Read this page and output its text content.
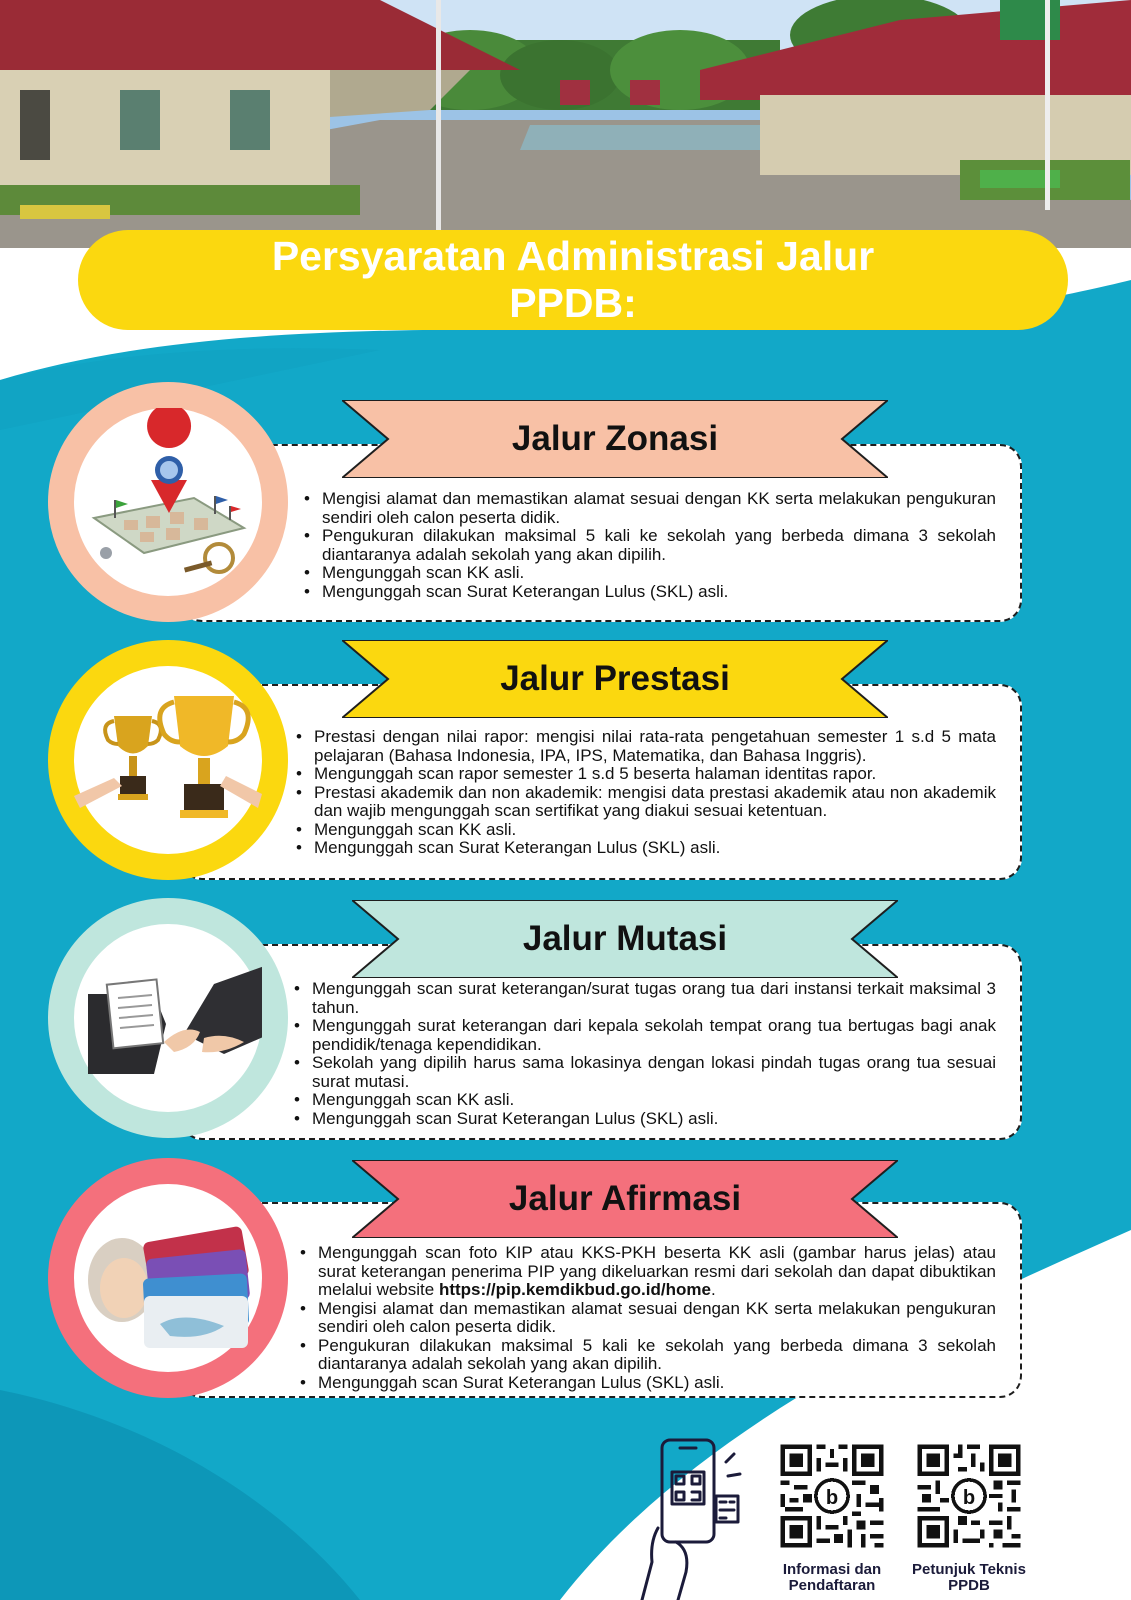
Persyaratan Administrasi Jalur PPDB:
• Mengisi alamat dan memastikan alamat sesuai dengan KK serta melakukan pengukuran sendiri oleh calon peserta didik.
• Pengukuran dilakukan maksimal 5 kali ke sekolah yang berbeda dimana 3 sekolah diantaranya adalah sekolah yang akan dipilih.
• Mengunggah scan KK asli.
• Mengunggah scan Surat Keterangan Lulus (SKL) asli.
Jalur Zonasi
• Prestasi dengan nilai rapor: mengisi nilai rata-rata pengetahuan semester 1 s.d 5 mata pelajaran (Bahasa Indonesia, IPA, IPS, Matematika, dan Bahasa Inggris).
• Mengunggah scan rapor semester 1 s.d 5 beserta halaman identitas rapor.
• Prestasi akademik dan non akademik: mengisi data prestasi akademik atau non akademik dan wajib mengunggah scan sertifikat yang diakui sesuai ketentuan.
• Mengunggah scan KK asli.
• Mengunggah scan Surat Keterangan Lulus (SKL) asli.
Jalur Prestasi
• Mengunggah scan surat keterangan/surat tugas orang tua dari instansi terkait maksimal 3 tahun.
• Mengunggah surat keterangan dari kepala sekolah tempat orang tua bertugas bagi anak pendidik/tenaga kependidikan.
• Sekolah yang dipilih harus sama lokasinya dengan lokasi pindah tugas orang tua sesuai surat mutasi.
• Mengunggah scan KK asli.
• Mengunggah scan Surat Keterangan Lulus (SKL) asli.
Jalur Mutasi
• Mengunggah scan foto KIP atau KKS-PKH beserta KK asli (gambar harus jelas) atau surat keterangan penerima PIP yang dikeluarkan resmi dari sekolah dan dapat dibuktikan melalui website https://pip.kemdikbud.go.id/home.
• Mengisi alamat dan memastikan alamat sesuai dengan KK serta melakukan pengukuran sendiri oleh calon peserta didik.
• Pengukuran dilakukan maksimal 5 kali ke sekolah yang berbeda dimana 3 sekolah diantaranya adalah sekolah yang akan dipilih.
• Mengunggah scan Surat Keterangan Lulus (SKL) asli.
Jalur Afirmasi
b
Informasi dan Pendaftaran
b
Petunjuk Teknis PPDB
